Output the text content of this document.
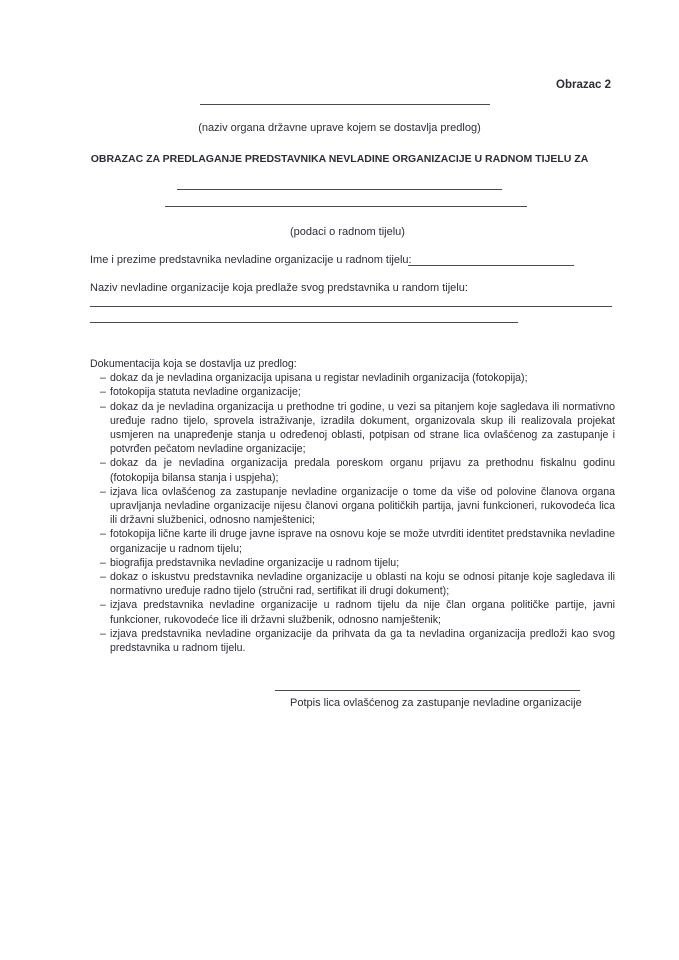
Obrazac 2
(naziv organa državne uprave kojem se dostavlja predlog)
OBRAZAC ZA PREDLAGANJE PREDSTAVNIKA NEVLADINE ORGANIZACIJE U RADNOM TIJELU ZA
(podaci o radnom tijelu)
Ime i prezime predstavnika nevladine organizacije u radnom tijelu:
Naziv nevladine organizacije koja predlaže svog predstavnika u random tijelu:
Dokumentacija koja se dostavlja uz predlog:
– dokaz da je nevladina organizacija upisana u registar nevladinih organizacija (fotokopija);
– fotokopija statuta nevladine organizacije;
– dokaz da je nevladina organizacija u prethodne tri godine, u vezi sa pitanjem koje sagledava ili normativno uređuje radno tijelo, sprovela istraživanje, izradila dokument, organizovala skup ili realizovala projekat usmjeren na unapređenje stanja u određenoj oblasti, potpisan od strane lica ovlašćenog za zastupanje i potvrđen pečatom nevladine organizacije;
– dokaz da je nevladina organizacija predala poreskom organu prijavu za prethodnu fiskalnu godinu (fotokopija bilansa stanja i uspjeha);
– izjava lica ovlašćenog za zastupanje nevladine organizacije o tome da više od polovine članova organa upravljanja nevladine organizacije nijesu članovi organa političkih partija, javni funkcioneri, rukovodeća lica ili državni službenici, odnosno namještenici;
– fotokopija lične karte ili druge javne isprave na osnovu koje se može utvrditi identitet predstavnika nevladine organizacije u radnom tijelu;
– biografija predstavnika nevladine organizacije u radnom tijelu;
– dokaz o iskustvu predstavnika nevladine organizacije u oblasti na koju se odnosi pitanje koje sagledava ili normativno uređuje radno tijelo (stručni rad, sertifikat ili drugi dokument);
– izjava predstavnika nevladine organizacije u radnom tijelu da nije član organa političke partije, javni funkcioner, rukovodeće lice ili državni službenik, odnosno namještenik;
– izjava predstavnika nevladine organizacije da prihvata da ga ta nevladina organizacija predloži kao svog predstavnika u radnom tijelu.
Potpis lica ovlašćenog za zastupanje nevladine organizacije
